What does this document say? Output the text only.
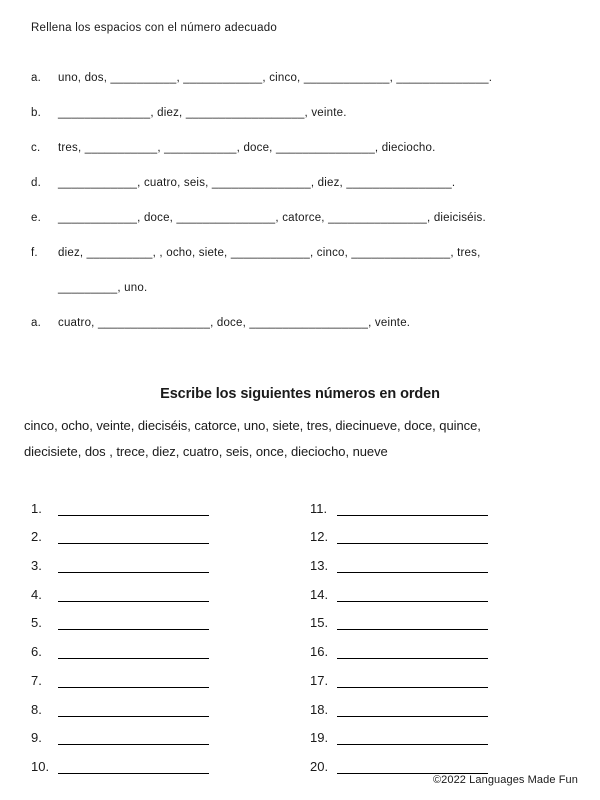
Rellena los espacios con el número adecuado
a.	uno, dos, __________, ____________, cinco, _____________, ______________.
b.	______________, diez, __________________, veinte.
c.	tres, ___________, ___________, doce, _______________, dieciocho.
d.	____________, cuatro, seis, _______________, diez, ________________.
e.	____________, doce, _______________, catorce, _______________, dieiciséis.
f.	diez, __________, , ocho, siete, ____________, cinco, _______________, tres,
_________, uno.
a.	cuatro, _________________, doce, __________________, veinte.
Escribe los siguientes números en orden
cinco, ocho, veinte, dieciséis, catorce, uno, siete, tres, diecinueve, doce, quince,
diecisiete, dos , trece, diez, cuatro, seis, once, dieciocho, nueve
1.
2.
3.
4.
5.
6.
7.
8.
9.
10.
11.
12.
13.
14.
15.
16.
17.
18.
19.
20.
©2022 Languages Made Fun
